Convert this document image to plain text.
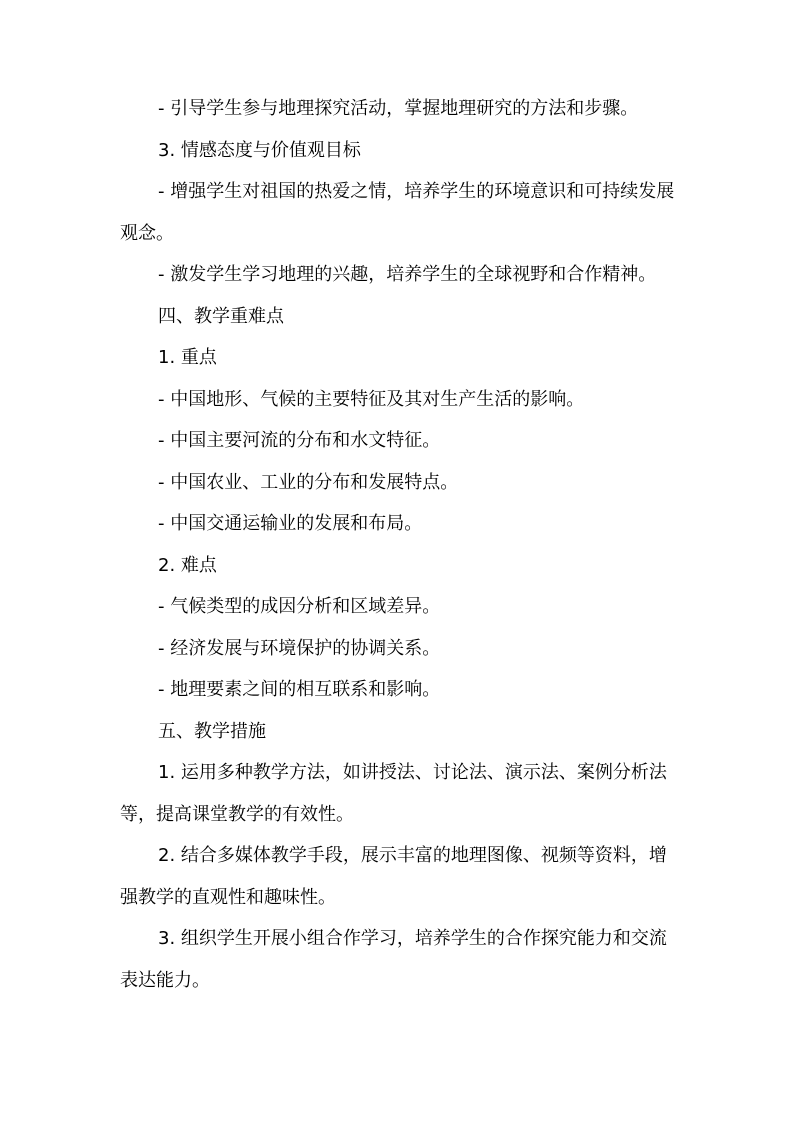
- 引导学生参与地理探究活动，掌握地理研究的方法和步骤。

3. 情感态度与价值观目标

- 增强学生对祖国的热爱之情，培养学生的环境意识和可持续发展观念。

- 激发学生学习地理的兴趣，培养学生的全球视野和合作精神。

四、教学重难点

1. 重点

- 中国地形、气候的主要特征及其对生产生活的影响。

- 中国主要河流的分布和水文特征。

- 中国农业、工业的分布和发展特点。

- 中国交通运输业的发展和布局。

2. 难点

- 气候类型的成因分析和区域差异。

- 经济发展与环境保护的协调关系。

- 地理要素之间的相互联系和影响。

五、教学措施

1. 运用多种教学方法，如讲授法、讨论法、演示法、案例分析法等，提高课堂教学的有效性。

2. 结合多媒体教学手段，展示丰富的地理图像、视频等资料，增强教学的直观性和趣味性。

3. 组织学生开展小组合作学习，培养学生的合作探究能力和交流表达能力。
